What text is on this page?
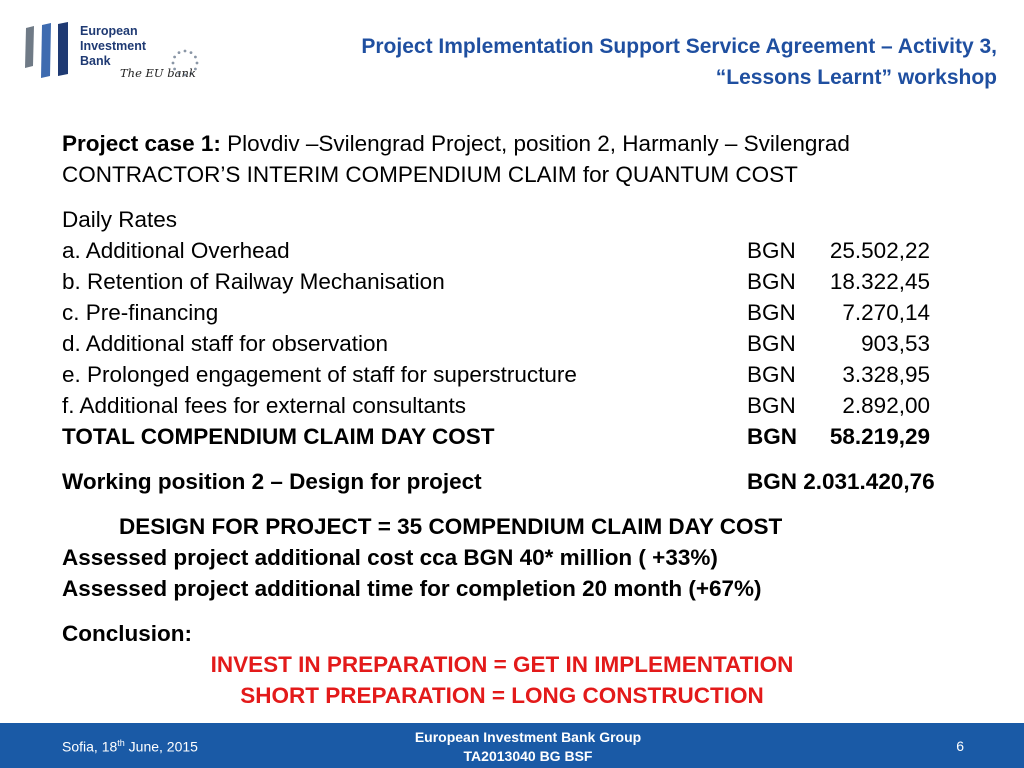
European
Investment
Bank
The EU bank
Project Implementation Support Service Agreement – Activity 3,
“Lessons Learnt” workshop
Project case 1: Plovdiv –Svilengrad Project, position 2, Harmanly – Svilengrad
CONTRACTOR’S INTERIM COMPENDIUM CLAIM for QUANTUM COST
Daily Rates
a. Additional Overhead	BGN	25.502,22
b. Retention of Railway Mechanisation	BGN	18.322,45
c. Pre-financing	BGN	7.270,14
d. Additional staff for observation	BGN	903,53
e. Prolonged engagement of staff for superstructure	BGN	3.328,95
f. Additional fees for external consultants	BGN	2.892,00
TOTAL COMPENDIUM CLAIM DAY COST	BGN	58.219,29
Working position 2 – Design for project	BGN 2.031.420,76
DESIGN FOR PROJECT = 35 COMPENDIUM CLAIM DAY COST
Assessed project additional cost cca BGN 40* million ( +33%)
Assessed project additional time for completion 20 month (+67%)
Conclusion:
INVEST IN PREPARATION = GET IN IMPLEMENTATION
SHORT PREPARATION = LONG CONSTRUCTION
Sofia, 18th June, 2015
European Investment Bank Group
TA2013040 BG BSF
6
